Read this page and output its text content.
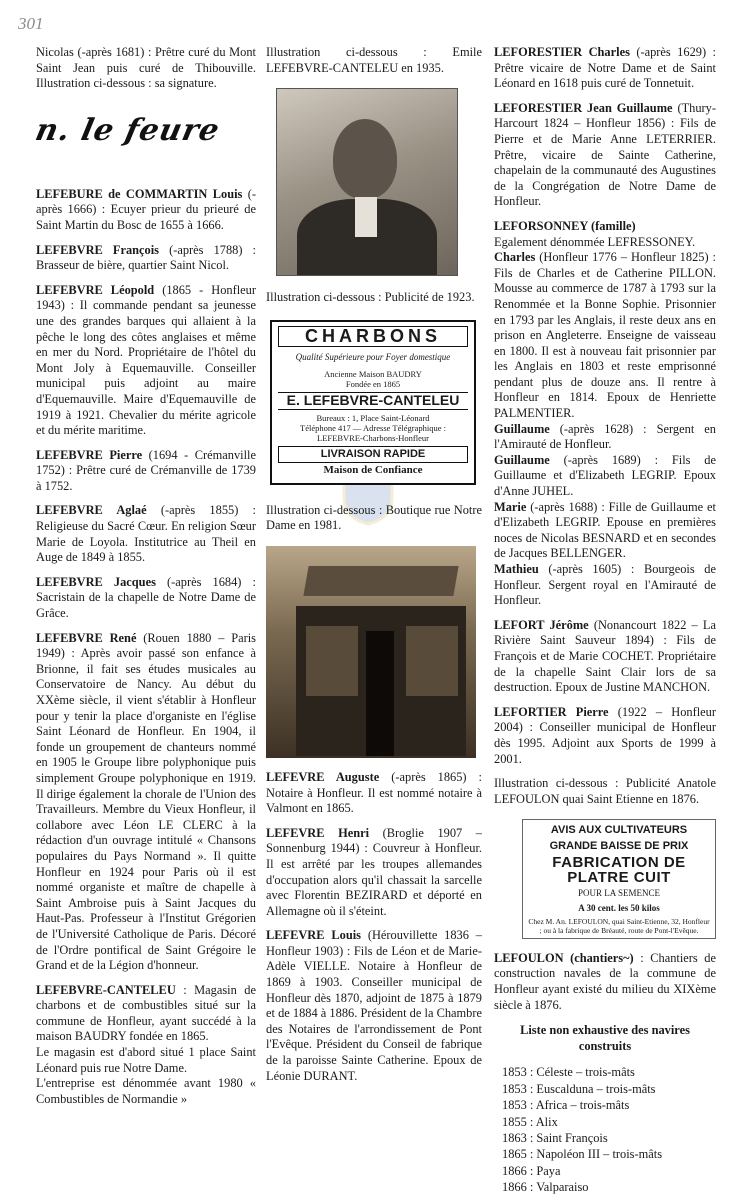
301

Nicolas (-après 1681) : Prêtre curé du Mont Saint Jean puis curé de Thibouville. Illustration ci-dessous : sa signature.

n. le feure

LEFEBURE de COMMARTIN Louis (-après 1666) : Ecuyer prieur du prieuré de Saint Martin du Bosc de 1655 à 1666.

LEFEBVRE François (-après 1788) : Brasseur de bière, quartier Saint Nicol.

LEFEBVRE Léopold (1865 - Honfleur 1943) : Il commande pendant sa jeunesse une des grandes barques qui allaient à la pêche le long des côtes anglaises et même en mer du Nord. Propriétaire de l'hôtel du Mont Joly à Equemauville. Conseiller municipal puis adjoint au maire d'Equemauville. Maire d'Equemauville de 1919 à 1921. Chevalier du mérite agricole et du mérite maritime.

LEFEBVRE Pierre (1694 - Crémanville 1752) : Prêtre curé de Crémanville de 1739 à 1752.

LEFEBVRE Aglaé (-après 1855) : Religieuse du Sacré Cœur. En religion Sœur Marie de Loyola. Institutrice au Theil en Auge de 1849 à 1855.

LEFEBVRE Jacques (-après 1684) : Sacristain de la chapelle de Notre Dame de Grâce.

LEFEBVRE René (Rouen 1880 – Paris 1949) : Après avoir passé son enfance à Brionne, il fait ses études musicales au Conservatoire de Nancy. Au début du XXème siècle, il vient s'établir à Honfleur pour y tenir la place d'organiste en l'église Saint Léonard de Honfleur. En 1904, il fonde un groupement de chanteurs nommé en 1905 le Groupe libre polyphonique puis simplement Groupe polyphonique en 1919. Il dirige également la chorale de l'Union des Travailleurs. Membre du Vieux Honfleur, il collabore avec Léon LE CLERC à la rédaction d'un ouvrage intitulé « Chansons populaires du Pays Normand ». Il quitte Honfleur en 1924 pour Paris où il est nommé organiste et maître de chapelle à Saint Ambroise puis à Saint Jacques du Haut-Pas. Professeur à l'Institut Grégorien de l'Université Catholique de Paris. Décoré de l'Ordre pontifical de Saint Grégoire le Grand et de la Légion d'honneur.

LEFEBVRE-CANTELEU : Magasin de charbons et de combustibles situé sur la commune de Honfleur, ayant succédé à la maison BAUDRY fondée en 1865.

Le magasin est d'abord situé 1 place Saint Léonard puis rue Notre Dame.

L'entreprise est dénommée avant 1980 « Combustibles de Normandie »

Illustration ci-dessous : Emile LEFEBVRE-CANTELEU en 1935.

Illustration ci-dessous : Publicité de 1923.

CHARBONS
Qualité Supérieure pour Foyer domestique
Ancienne Maison BAUDRY
Fondée en 1865
E. LEFEBVRE-CANTELEU
Bureaux : 1, Place Saint-Léonard
Téléphone 417 — Adresse Télégraphique : LEFEBVRE-Charbons-Honfleur
LIVRAISON RAPIDE
Maison de Confiance

Illustration ci-dessous : Boutique rue Notre Dame en 1981.

LEFEVRE Auguste (-après 1865) : Notaire à Honfleur. Il est nommé notaire à Valmont en 1865.

LEFEVRE Henri (Broglie 1907 – Sonnenburg 1944) : Couvreur à Honfleur. Il est arrêté par les troupes allemandes d'occupation alors qu'il chassait la sarcelle avec Florentin BEZIRARD et déporté en Allemagne où il s'éteint.

LEFEVRE Louis (Hérouvillette 1836 – Honfleur 1903) : Fils de Léon et de Marie-Adèle VIELLE. Notaire à Honfleur de 1869 à 1903. Conseiller municipal de Honfleur dès 1870, adjoint de 1875 à 1879 et de 1884 à 1886. Président de la Chambre des Notaires de l'arrondissement de Pont l'Evêque. Président du Conseil de fabrique de la paroisse Sainte Catherine. Epoux de Léonie DURANT.

LEFORESTIER Charles (-après 1629) : Prêtre vicaire de Notre Dame et de Saint Léonard en 1618 puis curé de Tonnetuit.

LEFORESTIER Jean Guillaume (Thury-Harcourt 1824 – Honfleur 1856) : Fils de Pierre et de Marie Anne LETERRIER. Prêtre, vicaire de Sainte Catherine, chapelain de la communauté des Augustines de la Congrégation de Notre Dame de Honfleur.

LEFORSONNEY (famille)

Egalement dénommée LEFRESSONEY.

Charles (Honfleur 1776 – Honfleur 1825) : Fils de Charles et de Catherine PILLON. Mousse au commerce de 1787 à 1793 sur la Renommée et la Bonne Sophie. Prisonnier en 1793 par les Anglais, il reste deux ans en prison en Angleterre. Enseigne de vaisseau en 1800. Il est à nouveau fait prisonnier par les Anglais en 1803 et reste emprisonné pendant plus de douze ans. Il rentre à Honfleur en 1814. Epoux de Henriette PALMENTIER.

Guillaume (-après 1628) : Sergent en l'Amirauté de Honfleur.

Guillaume (-après 1689) : Fils de Guillaume et d'Elizabeth LEGRIP. Epoux d'Anne JUHEL.

Marie (-après 1688) : Fille de Guillaume et d'Elizabeth LEGRIP. Epouse en premières noces de Nicolas BESNARD et en secondes de Jacques BELLENGER.

Mathieu (-après 1605) : Bourgeois de Honfleur. Sergent royal en l'Amirauté de Honfleur.

LEFORT Jérôme (Nonancourt 1822 – La Rivière Saint Sauveur 1894) : Fils de François et de Marie COCHET. Propriétaire de la chapelle Saint Clair lors de sa destruction. Epoux de Justine MANCHON.

LEFORTIER Pierre (1922 – Honfleur 2004) : Conseiller municipal de Honfleur dès 1995. Adjoint aux Sports de 1999 à 2001.

Illustration ci-dessous : Publicité Anatole LEFOULON quai Saint Etienne en 1876.

AVIS AUX CULTIVATEURS
GRANDE BAISSE DE PRIX
FABRICATION DE PLATRE CUIT
POUR LA SEMENCE
A 30 cent. les 50 kilos
Chez M. An. LEFOULON, quai Saint-Etienne, 32, Honfleur ; ou à la fabrique de Bréauté, route de Pont-l'Evêque.

LEFOULON (chantiers~) : Chantiers de construction navales de la commune de Honfleur ayant existé du milieu du XIXème siècle à 1876.

Liste non exhaustive des navires construits
1853 : Céleste – trois-mâts
1853 : Euscalduna – trois-mâts
1853 : Africa – trois-mâts
1855 : Alix
1863 : Saint François
1865 : Napoléon III – trois-mâts
1866 : Paya
1866 : Valparaiso
